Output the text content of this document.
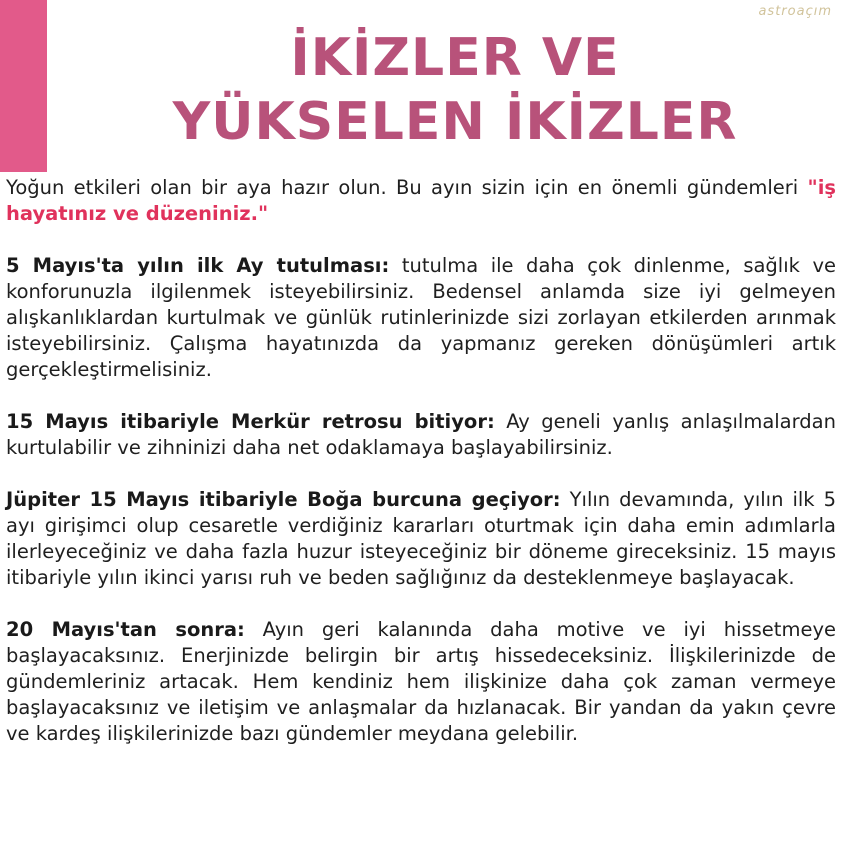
astroaçım
İKİZLER VE
YÜKSELEN İKİZLER

Yoğun etkileri olan bir aya hazır olun. Bu ayın sizin için en önemli gündemleri "iş hayatınız ve düzeniniz."

5 Mayıs'ta yılın ilk Ay tutulması: tutulma ile daha çok dinlenme, sağlık ve konforunuzla ilgilenmek isteyebilirsiniz. Bedensel anlamda size iyi gelmeyen alışkanlıklardan kurtulmak ve günlük rutinlerinizde sizi zorlayan etkilerden arınmak isteyebilirsiniz. Çalışma hayatınızda da yapmanız gereken dönüşümleri artık gerçekleştirmelisiniz.

15 Mayıs itibariyle Merkür retrosu bitiyor: Ay geneli yanlış anlaşılmalardan kurtulabilir ve zihninizi daha net odaklamaya başlayabilirsiniz.

Jüpiter 15 Mayıs itibariyle Boğa burcuna geçiyor: Yılın devamında, yılın ilk 5 ayı girişimci olup cesaretle verdiğiniz kararları oturtmak için daha emin adımlarla ilerleyeceğiniz ve daha fazla huzur isteyeceğiniz bir döneme gireceksiniz. 15 mayıs itibariyle yılın ikinci yarısı ruh ve beden sağlığınız da desteklenmeye başlayacak.

20 Mayıs'tan sonra: Ayın geri kalanında daha motive ve iyi hissetmeye başlayacaksınız. Enerjinizde belirgin bir artış hissedeceksiniz. İlişkilerinizde de gündemleriniz artacak. Hem kendiniz hem ilişkinize daha çok zaman vermeye başlayacaksınız ve iletişim ve anlaşmalar da hızlanacak. Bir yandan da yakın çevre ve kardeş ilişkilerinizde bazı gündemler meydana gelebilir.
